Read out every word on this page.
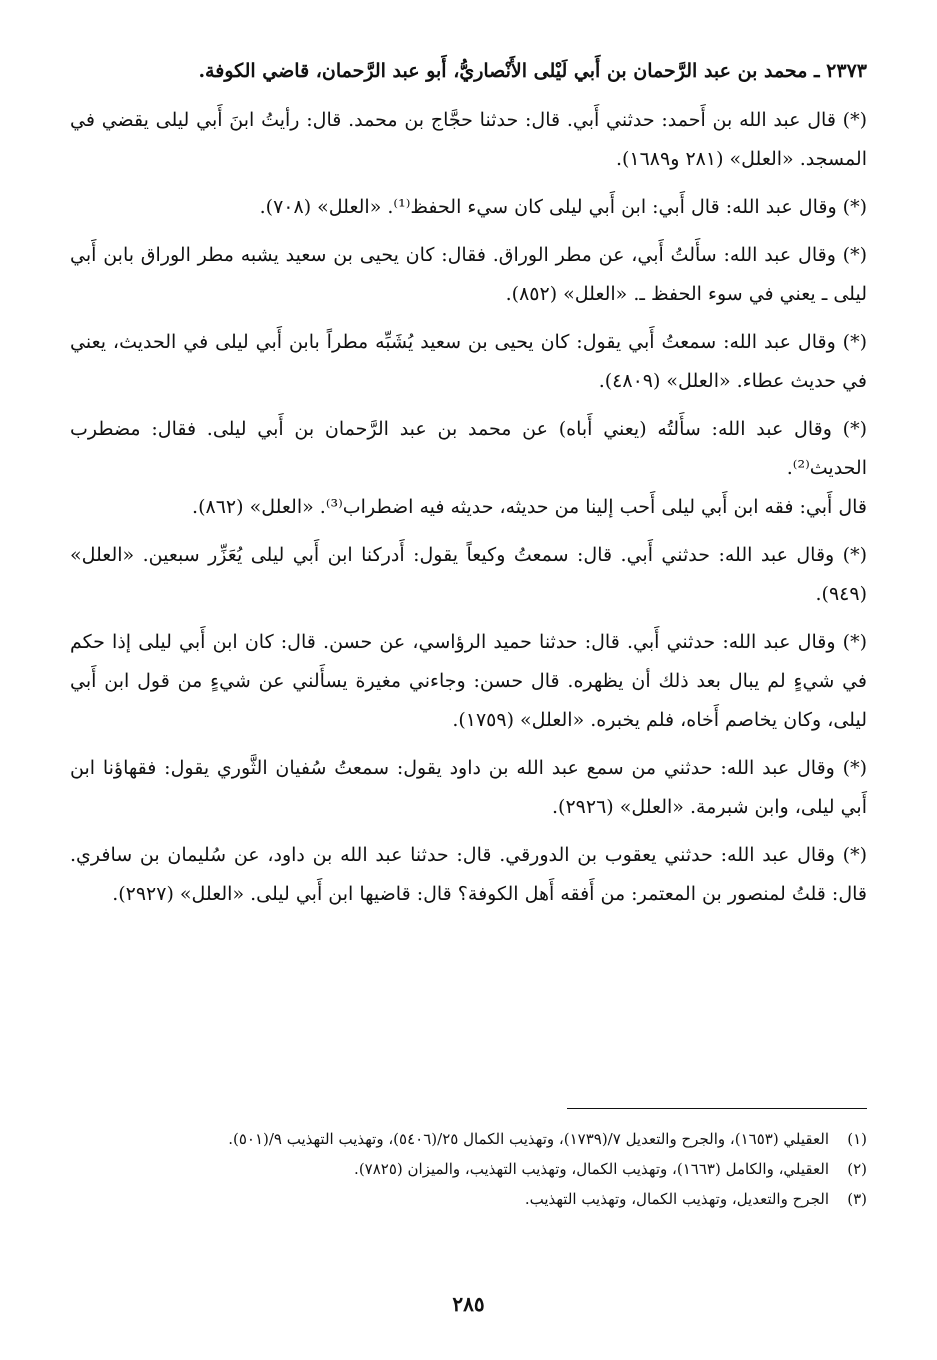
٢٣٧٣ ـ محمد بن عبد الرَّحمان بن أَبي لَيْلى الأَنْصاريُّ، أَبو عبد الرَّحمان، قاضي الكوفة.

(*) قال عبد الله بن أَحمد: حدثني أَبي. قال: حدثنا حجَّاج بن محمد. قال: رأيتُ ابنَ أَبي ليلى يقضي في المسجد. «العلل» (٢٨١ و١٦٨٩).

(*) وقال عبد الله: قال أَبي: ابن أَبي ليلى كان سيء الحفظ⁽¹⁾. «العلل» (٧٠٨).

(*) وقال عبد الله: سأَلتُ أَبي، عن مطر الوراق. فقال: كان يحيى بن سعيد يشبه مطر الوراق بابن أَبي ليلى ـ يعني في سوء الحفظ ـ. «العلل» (٨٥٢).

(*) وقال عبد الله: سمعتُ أَبي يقول: كان يحيى بن سعيد يُشَبِّه مطراً بابن أَبي ليلى في الحديث، يعني في حديث عطاء. «العلل» (٤٨٠٩).

(*) وقال عبد الله: سأَلتُه (يعني أَباه) عن محمد بن عبد الرَّحمان بن أَبي ليلى. فقال: مضطرب الحديث⁽²⁾.

قال أَبي: فقه ابن أَبي ليلى أَحب إلينا من حديثه، حديثه فيه اضطراب⁽³⁾. «العلل» (٨٦٢).

(*) وقال عبد الله: حدثني أَبي. قال: سمعتُ وكيعاً يقول: أَدركنا ابن أَبي ليلى يُعَزِّر سبعين. «العلل» (٩٤٩).

(*) وقال عبد الله: حدثني أَبي. قال: حدثنا حميد الرؤاسي، عن حسن. قال: كان ابن أَبي ليلى إذا حكم في شيءٍ لم يبال بعد ذلك أن يظهره. قال حسن: وجاءني مغيرة يسأَلني عن شيءٍ من قول ابن أَبي ليلى، وكان يخاصم أَخاه، فلم يخبره. «العلل» (١٧٥٩).

(*) وقال عبد الله: حدثني من سمع عبد الله بن داود يقول: سمعتُ سُفيان الثَّوري يقول: فقهاؤنا ابن أَبي ليلى، وابن شبرمة. «العلل» (٢٩٢٦).

(*) وقال عبد الله: حدثني يعقوب بن الدورقي. قال: حدثنا عبد الله بن داود، عن سُليمان بن سافري. قال: قلتُ لمنصور بن المعتمر: من أَفقه أَهل الكوفة؟ قال: قاضيها ابن أَبي ليلى. «العلل» (٢٩٢٧).

(١)
العقيلي (١٦٥٣)، والجرح والتعديل ٧/(١٧٣٩)، وتهذيب الكمال ٢٥/(٥٤٠٦)، وتهذيب التهذيب ٩/(٥٠١).
(٢)
العقيلي، والكامل (١٦٦٣)، وتهذيب الكمال، وتهذيب التهذيب، والميزان (٧٨٢٥).
(٣)
الجرح والتعديل، وتهذيب الكمال، وتهذيب التهذيب.
٢٨٥
